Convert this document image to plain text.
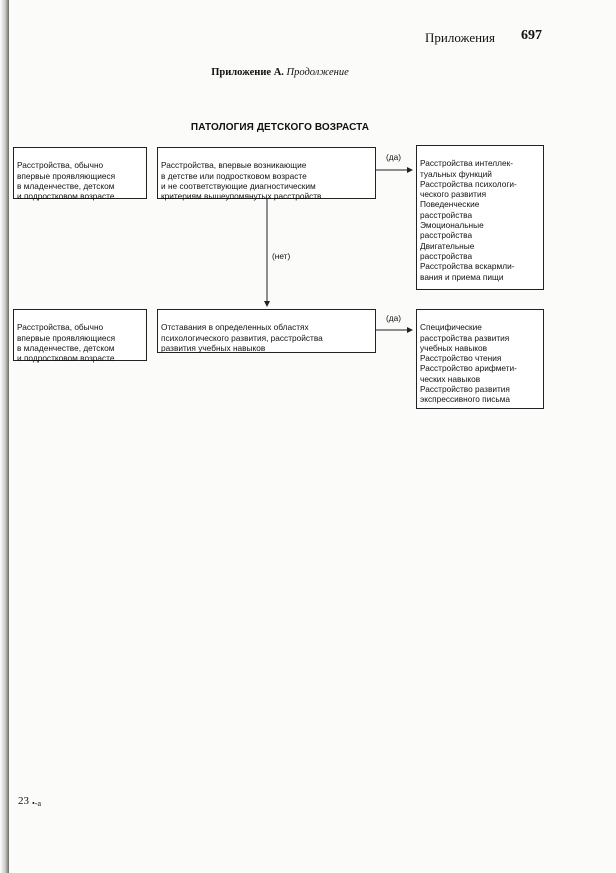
Приложения 697
Приложение А. Продолжение
ПАТОЛОГИЯ ДЕТСКОГО ВОЗРАСТА

Расстройства, обычно
впервые проявляющиеся
в младенчестве, детском
и подростковом возрасте

Расстройства, впервые возникающие
в детстве или подростковом возрасте
и не соответствующие диагностическим
критериям вышеупомянутых расстройств

(да)

Расстройства интеллек-
туальных функций
Расстройства психологи-
ческого развития
Поведенческие
расстройства
Эмоциональные
расстройства
Двигательные
расстройства
Расстройства вскармли-
вания и приема пищи

(нет)

Расстройства, обычно
впервые проявляющиеся
в младенчестве, детском
и подростковом возрасте

Отставания в определенных областях
психологического развития, расстройства
развития учебных навыков

(да)

Специфические
расстройства развития
учебных навыков
Расстройство чтения
Расстройство арифмети-
ческих навыков
Расстройство развития
экспрессивного письма

23 •-а
